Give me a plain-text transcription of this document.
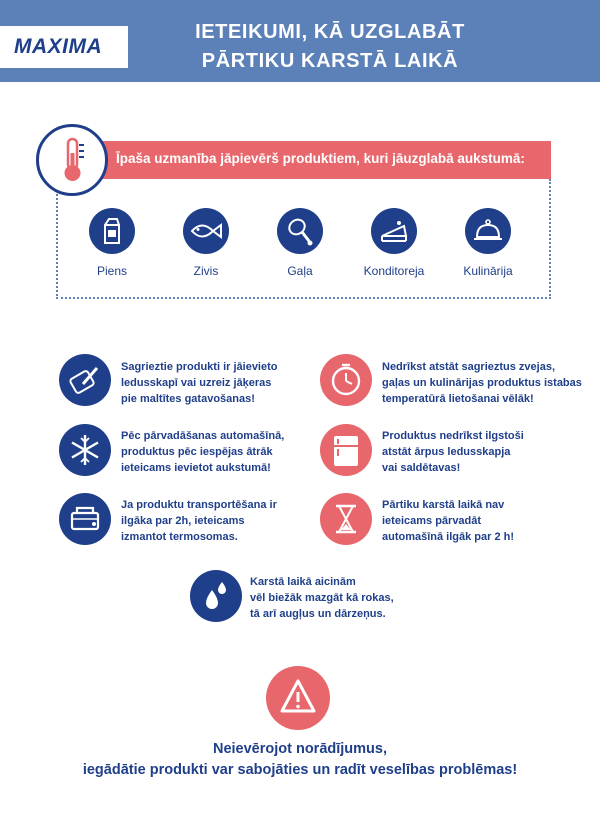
MAXIMA
IETEIKUMI, KĀ UZGLABĀT
PĀRTIKU KARSTĀ LAIKĀ
Īpaša uzmanība jāpievērš produktiem, kuri jāuzglabā aukstumā:
Piens	Zivis	Gaļa	Konditoreja	Kulinārija
Sagrieztie produkti ir jāievieto
ledusskapī vai uzreiz jāķeras
pie maltītes gatavošanas!
Nedrīkst atstāt sagrieztus zvejas,
gaļas un kulinārijas produktus istabas
temperatūrā lietošanai vēlāk!
Pēc pārvadāšanas automašīnā,
produktus pēc iespējas ātrāk
ieteicams ievietot aukstumā!
Produktus nedrīkst ilgstoši
atstāt ārpus ledusskapja
vai saldētavas!
Ja produktu transportēšana ir
ilgāka par 2h, ieteicams
izmantot termosomas.
Pārtiku karstā laikā nav
ieteicams pārvadāt
automašīnā ilgāk par 2 h!
Karstā laikā aicinām
vēl biežāk mazgāt kā rokas,
tā arī augļus un dārzeņus.
Neievērojot norādījumus,
iegādātie produkti var sabojāties un radīt veselības problēmas!
